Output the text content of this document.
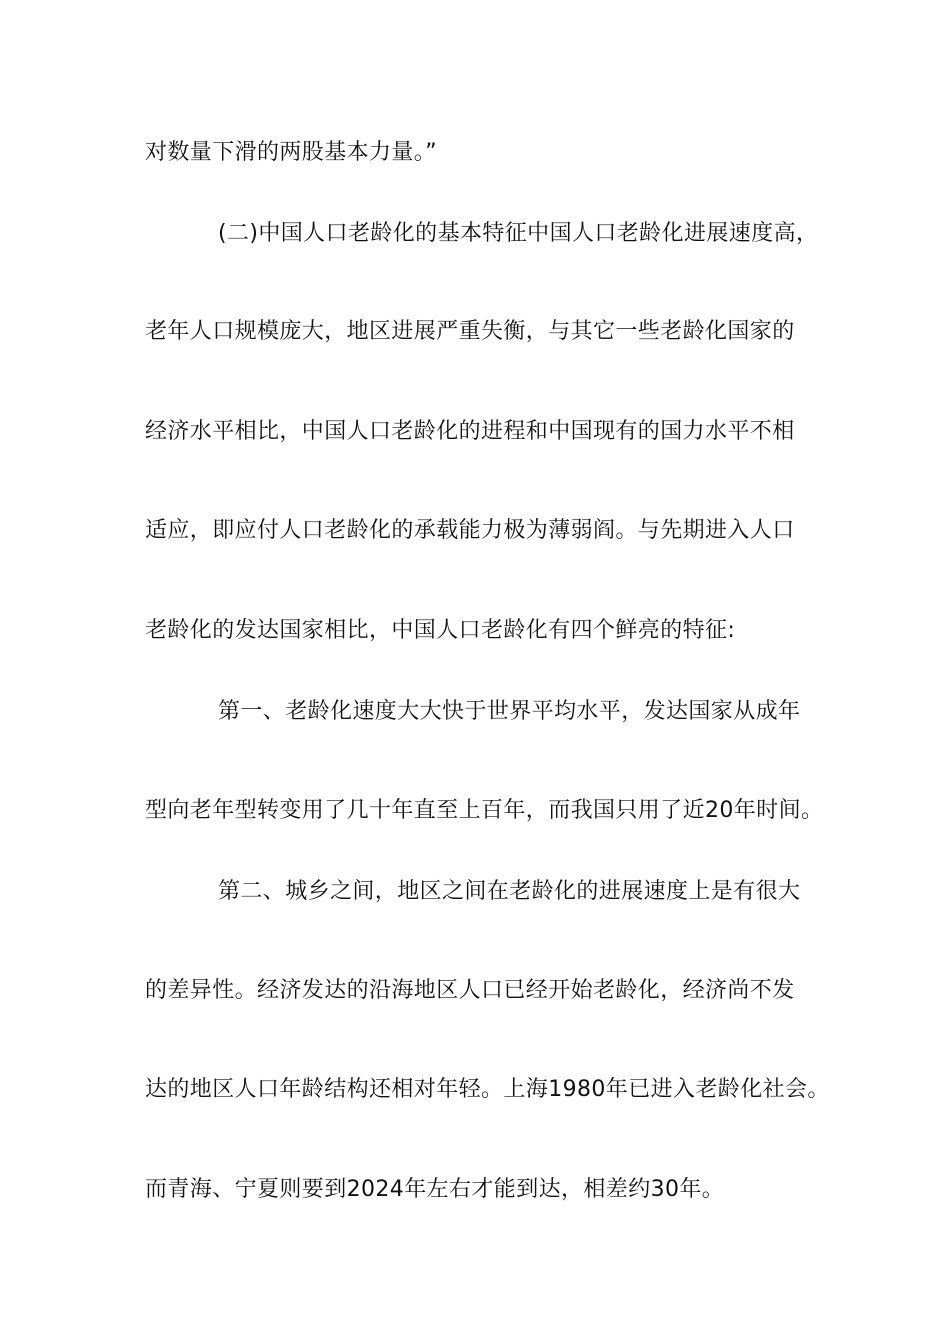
对数量下滑的两股基本力量。”
(二)中国人口老龄化的基本特征中国人口老龄化进展速度高，
老年人口规模庞大，地区进展严重失衡，与其它一些老龄化国家的
经济水平相比，中国人口老龄化的进程和中国现有的国力水平不相
适应，即应付人口老龄化的承载能力极为薄弱阎。与先期进入人口
老龄化的发达国家相比，中国人口老龄化有四个鲜亮的特征:
第一、老龄化速度大大快于世界平均水平，发达国家从成年
型向老年型转变用了几十年直至上百年，而我国只用了近20年时间。
第二、城乡之间，地区之间在老龄化的进展速度上是有很大
的差异性。经济发达的沿海地区人口已经开始老龄化，经济尚不发
达的地区人口年龄结构还相对年轻。上海1980年已进入老龄化社会。
而青海、宁夏则要到2024年左右才能到达，相差约30年。
